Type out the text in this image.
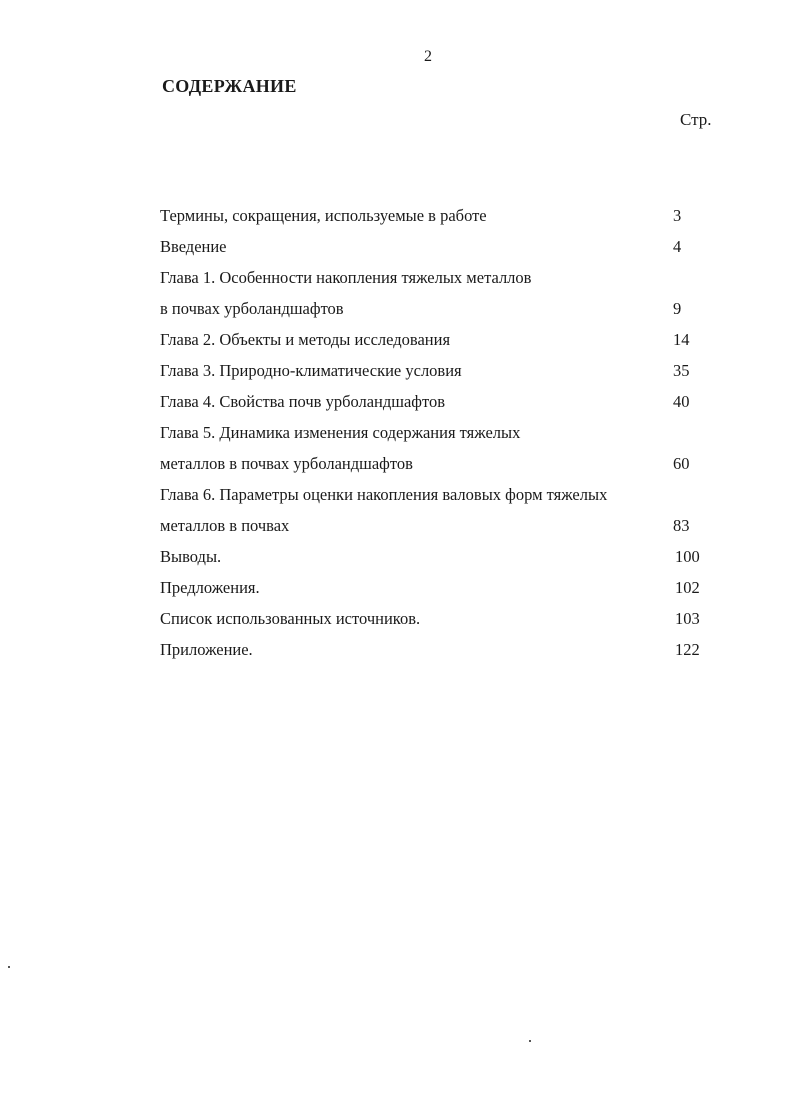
2
СОДЕРЖАНИЕ
Стр.
Термины, сокращения, используемые в работе	3
Введение	4
Глава 1. Особенности накопления тяжелых металлов
в почвах урболандшафтов	9
Глава 2. Объекты и методы исследования	14
Глава 3. Природно-климатические условия	35
Глава 4. Свойства почв урболандшафтов	40
Глава 5. Динамика изменения содержания тяжелых
металлов в почвах урболандшафтов	60
Глава 6. Параметры оценки накопления валовых форм тяжелых
металлов в почвах	83
Выводы.	100
Предложения.	102
Список использованных источников.	103
Приложение.	122
